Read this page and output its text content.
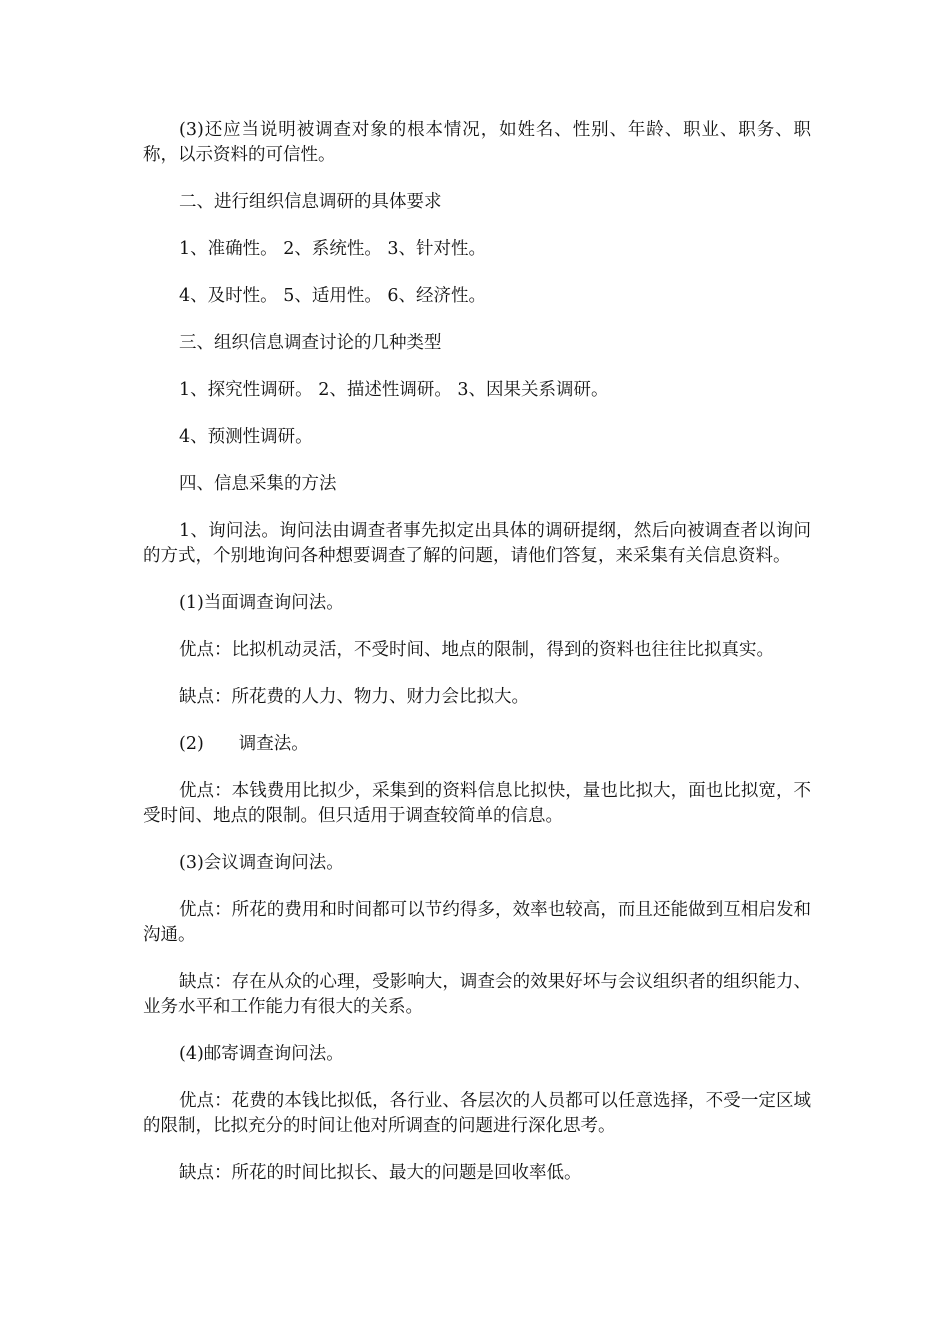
(3)还应当说明被调查对象的根本情况，如姓名、性别、年龄、职业、职务、职称，以示资料的可信性。

二、进行组织信息调研的具体要求

1、准确性。 2、系统性。 3、针对性。

4、及时性。 5、适用性。 6、经济性。

三、组织信息调查讨论的几种类型

1、探究性调研。 2、描述性调研。 3、因果关系调研。

4、预测性调研。

四、信息采集的方法

1、询问法。询问法由调查者事先拟定出具体的调研提纲，然后向被调查者以询问的方式，个别地询问各种想要调查了解的问题，请他们答复，来采集有关信息资料。

(1)当面调查询问法。

优点：比拟机动灵活，不受时间、地点的限制，得到的资料也往往比拟真实。

缺点：所花费的人力、物力、财力会比拟大。

(2)　　调查法。

优点：本钱费用比拟少，采集到的资料信息比拟快，量也比拟大，面也比拟宽，不受时间、地点的限制。但只适用于调查较简单的信息。

(3)会议调查询问法。

优点：所花的费用和时间都可以节约得多，效率也较高，而且还能做到互相启发和沟通。

缺点：存在从众的心理，受影响大，调查会的效果好坏与会议组织者的组织能力、业务水平和工作能力有很大的关系。

(4)邮寄调查询问法。

优点：花费的本钱比拟低，各行业、各层次的人员都可以任意选择，不受一定区域的限制，比拟充分的时间让他对所调查的问题进行深化思考。

缺点：所花的时间比拟长、最大的问题是回收率低。
